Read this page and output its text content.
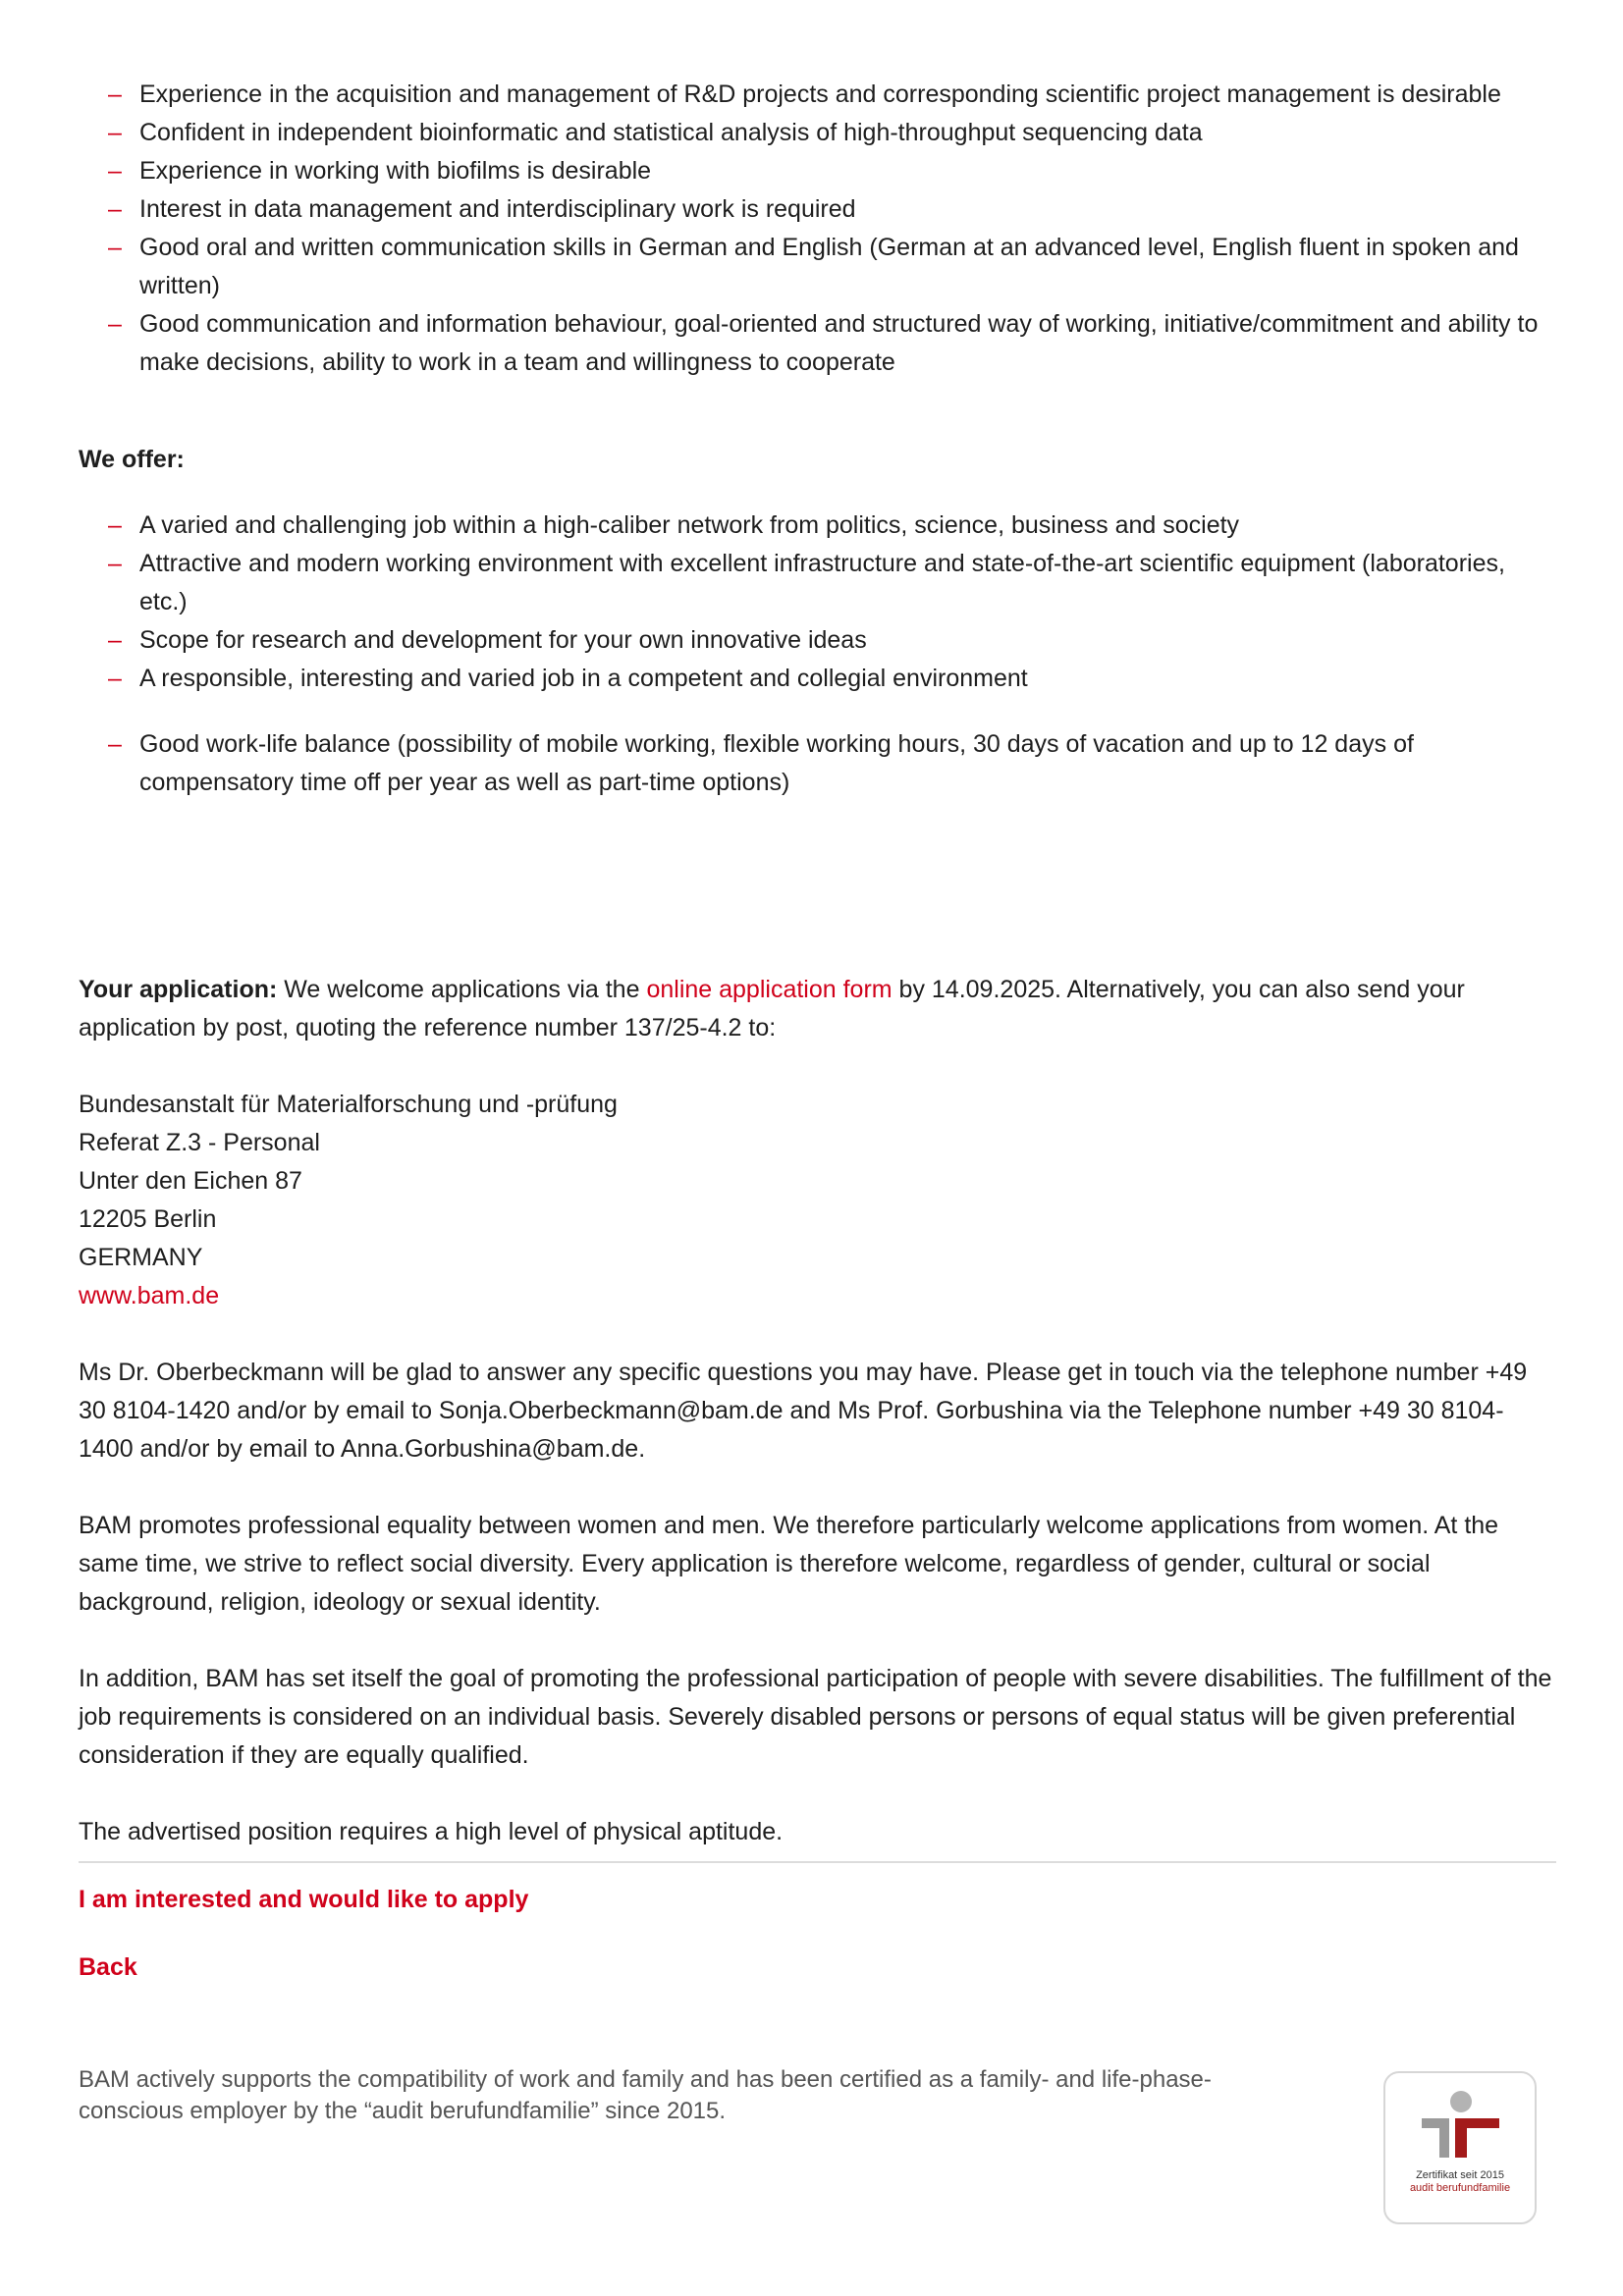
– Experience in the acquisition and management of R&D projects and corresponding scientific project management is desirable
– Confident in independent bioinformatic and statistical analysis of high-throughput sequencing data
– Experience in working with biofilms is desirable
– Interest in data management and interdisciplinary work is required
– Good oral and written communication skills in German and English (German at an advanced level, English fluent in spoken and written)
– Good communication and information behaviour, goal-oriented and structured way of working, initiative/commitment and ability to make decisions, ability to work in a team and willingness to cooperate
We offer:
– A varied and challenging job within a high-caliber network from politics, science, business and society
– Attractive and modern working environment with excellent infrastructure and state-of-the-art scientific equipment (laboratories, etc.)
– Scope for research and development for your own innovative ideas
– A responsible, interesting and varied job in a competent and collegial environment
– Good work-life balance (possibility of mobile working, flexible working hours, 30 days of vacation and up to 12 days of compensatory time off per year as well as part-time options)

Your application: We welcome applications via the online application form by 14.09.2025. Alternatively, you can also send your application by post, quoting the reference number 137/25-4.2 to:

Bundesanstalt für Materialforschung und -prüfung
Referat Z.3 - Personal
Unter den Eichen 87
12205 Berlin
GERMANY
www.bam.de

Ms Dr. Oberbeckmann will be glad to answer any specific questions you may have. Please get in touch via the telephone number +49 30 8104-1420 and/or by email to Sonja.Oberbeckmann@bam.de and Ms Prof. Gorbushina via the Telephone number +49 30 8104-1400 and/or by email to Anna.Gorbushina@bam.de.

BAM promotes professional equality between women and men. We therefore particularly welcome applications from women. At the same time, we strive to reflect social diversity. Every application is therefore welcome, regardless of gender, cultural or social background, religion, ideology or sexual identity.

In addition, BAM has set itself the goal of promoting the professional participation of people with severe disabilities. The fulfillment of the job requirements is considered on an individual basis. Severely disabled persons or persons of equal status will be given preferential consideration if they are equally qualified.

The advertised position requires a high level of physical aptitude.

I am interested and would like to apply
Back
BAM actively supports the compatibility of work and family and has been certified as a family- and life-phase-conscious employer by the “audit berufundfamilie” since 2015.
Zertifikat seit 2015
audit berufundfamilie
